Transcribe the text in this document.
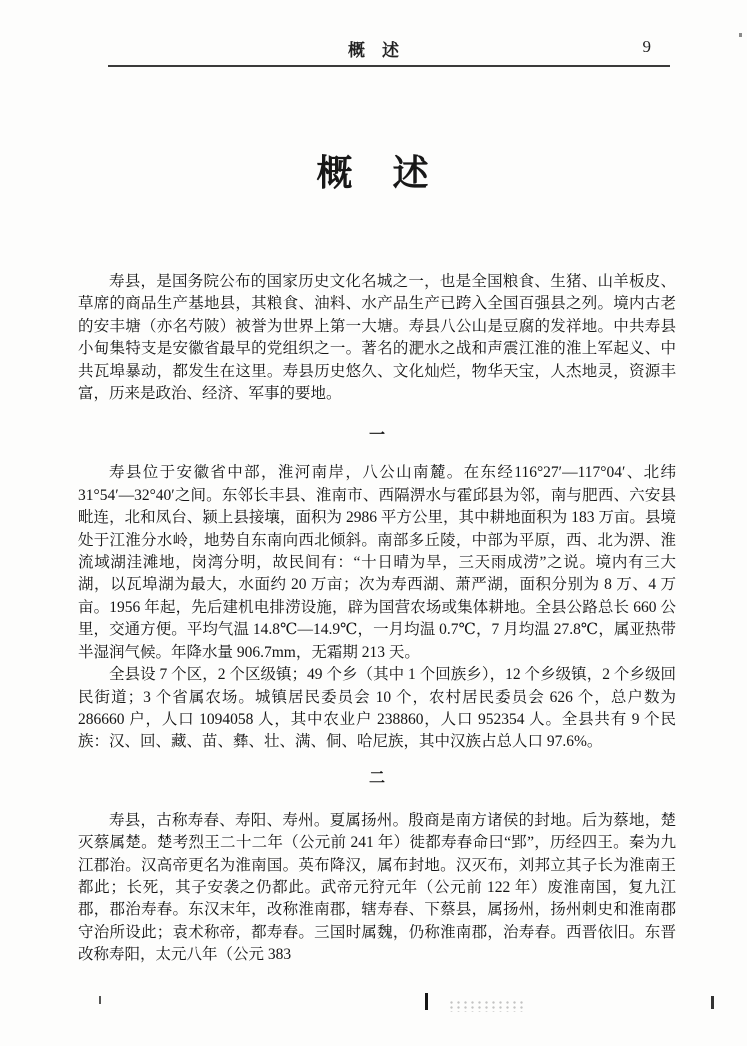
概　述	9
概　述

寿县，是国务院公布的国家历史文化名城之一，也是全国粮食、生猪、山羊板皮、草席的商品生产基地县，其粮食、油料、水产品生产已跨入全国百强县之列。境内古老的安丰塘（亦名芍陂）被誉为世界上第一大塘。寿县八公山是豆腐的发祥地。中共寿县小甸集特支是安徽省最早的党组织之一。著名的淝水之战和声震江淮的淮上军起义、中共瓦埠暴动，都发生在这里。寿县历史悠久、文化灿烂，物华天宝，人杰地灵，资源丰富，历来是政治、经济、军事的要地。

一

寿县位于安徽省中部，淮河南岸，八公山南麓。在东经116°27′—117°04′、北纬31°54′—32°40′之间。东邻长丰县、淮南市、西隔淠水与霍邱县为邻，南与肥西、六安县毗连，北和凤台、颍上县接壤，面积为 2986 平方公里，其中耕地面积为 183 万亩。县境处于江淮分水岭，地势自东南向西北倾斜。南部多丘陵，中部为平原，西、北为淠、淮流域湖洼滩地，岗湾分明，故民间有：“十日晴为旱，三天雨成涝”之说。境内有三大湖，以瓦埠湖为最大，水面约 20 万亩；次为寿西湖、萧严湖，面积分别为 8 万、4 万亩。1956 年起，先后建机电排涝设施，辟为国营农场或集体耕地。全县公路总长 660 公里，交通方便。平均气温 14.8℃—14.9℃，一月均温 0.7℃，7 月均温 27.8℃，属亚热带半湿润气候。年降水量 906.7mm，无霜期 213 天。

全县设 7 个区，2 个区级镇；49 个乡（其中 1 个回族乡），12 个乡级镇，2 个乡级回民街道；3 个省属农场。城镇居民委员会 10 个，农村居民委员会 626 个，总户数为 286660 户，人口 1094058 人，其中农业户 238860，人口 952354 人。全县共有 9 个民族：汉、回、藏、苗、彝、壮、满、侗、哈尼族，其中汉族占总人口 97.6%。

二

寿县，古称寿春、寿阳、寿州。夏属扬州。殷商是南方诸侯的封地。后为蔡地，楚灭蔡属楚。楚考烈王二十二年（公元前 241 年）徙都寿春命曰“郢”，历经四王。秦为九江郡治。汉高帝更名为淮南国。英布降汉，属布封地。汉灭布，刘邦立其子长为淮南王都此；长死，其子安袭之仍都此。武帝元狩元年（公元前 122 年）废淮南国，复九江郡，郡治寿春。东汉末年，改称淮南郡，辖寿春、下蔡县，属扬州，扬州刺史和淮南郡守治所设此；袁术称帝，都寿春。三国时属魏，仍称淮南郡，治寿春。西晋依旧。东晋改称寿阳，太元八年（公元 383
